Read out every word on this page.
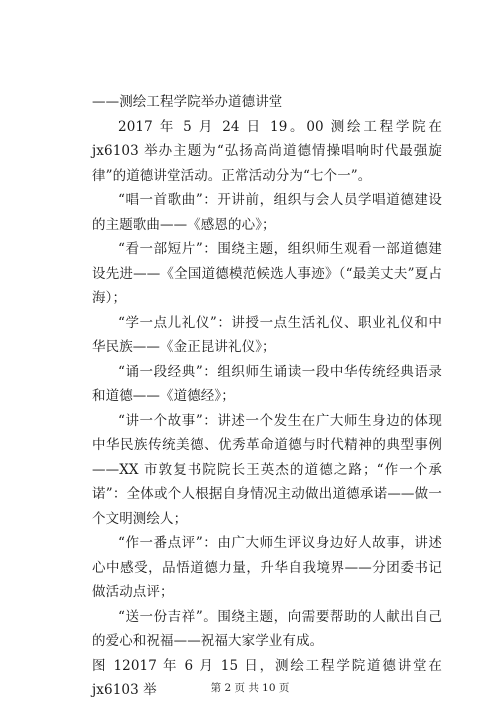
——测绘工程学院举办道德讲堂

2017 年 5 月 24 日 19。00 测绘工程学院在 jx6103 举办主题为“弘扬高尚道德情操唱响时代最强旋律”的道德讲堂活动。正常活动分为“七个一”。

“唱一首歌曲”：开讲前，组织与会人员学唱道德建设的主题歌曲——《感恩的心》；

“看一部短片”：围绕主题，组织师生观看一部道德建设先进——《全国道德模范候选人事迹》（“最美丈夫”夏占海）；

“学一点儿礼仪”：讲授一点生活礼仪、职业礼仪和中华民族——《金正昆讲礼仪》；

“诵一段经典”：组织师生诵读一段中华传统经典语录和道德——《道德经》；

“讲一个故事”：讲述一个发生在广大师生身边的体现中华民族传统美德、优秀革命道德与时代精神的典型事例——XX 市敦复书院院长王英杰的道德之路；“作一个承诺”：全体或个人根据自身情况主动做出道德承诺——做一个文明测绘人；

“作一番点评”：由广大师生评议身边好人故事，讲述心中感受，品悟道德力量，升华自我境界——分团委书记做活动点评；

“送一份吉祥”。围绕主题，向需要帮助的人献出自己的爱心和祝福——祝福大家学业有成。

图 12017 年 6 月 15 日，测绘工程学院道德讲堂在 jx6103 举	第 2 页 共 10 页
